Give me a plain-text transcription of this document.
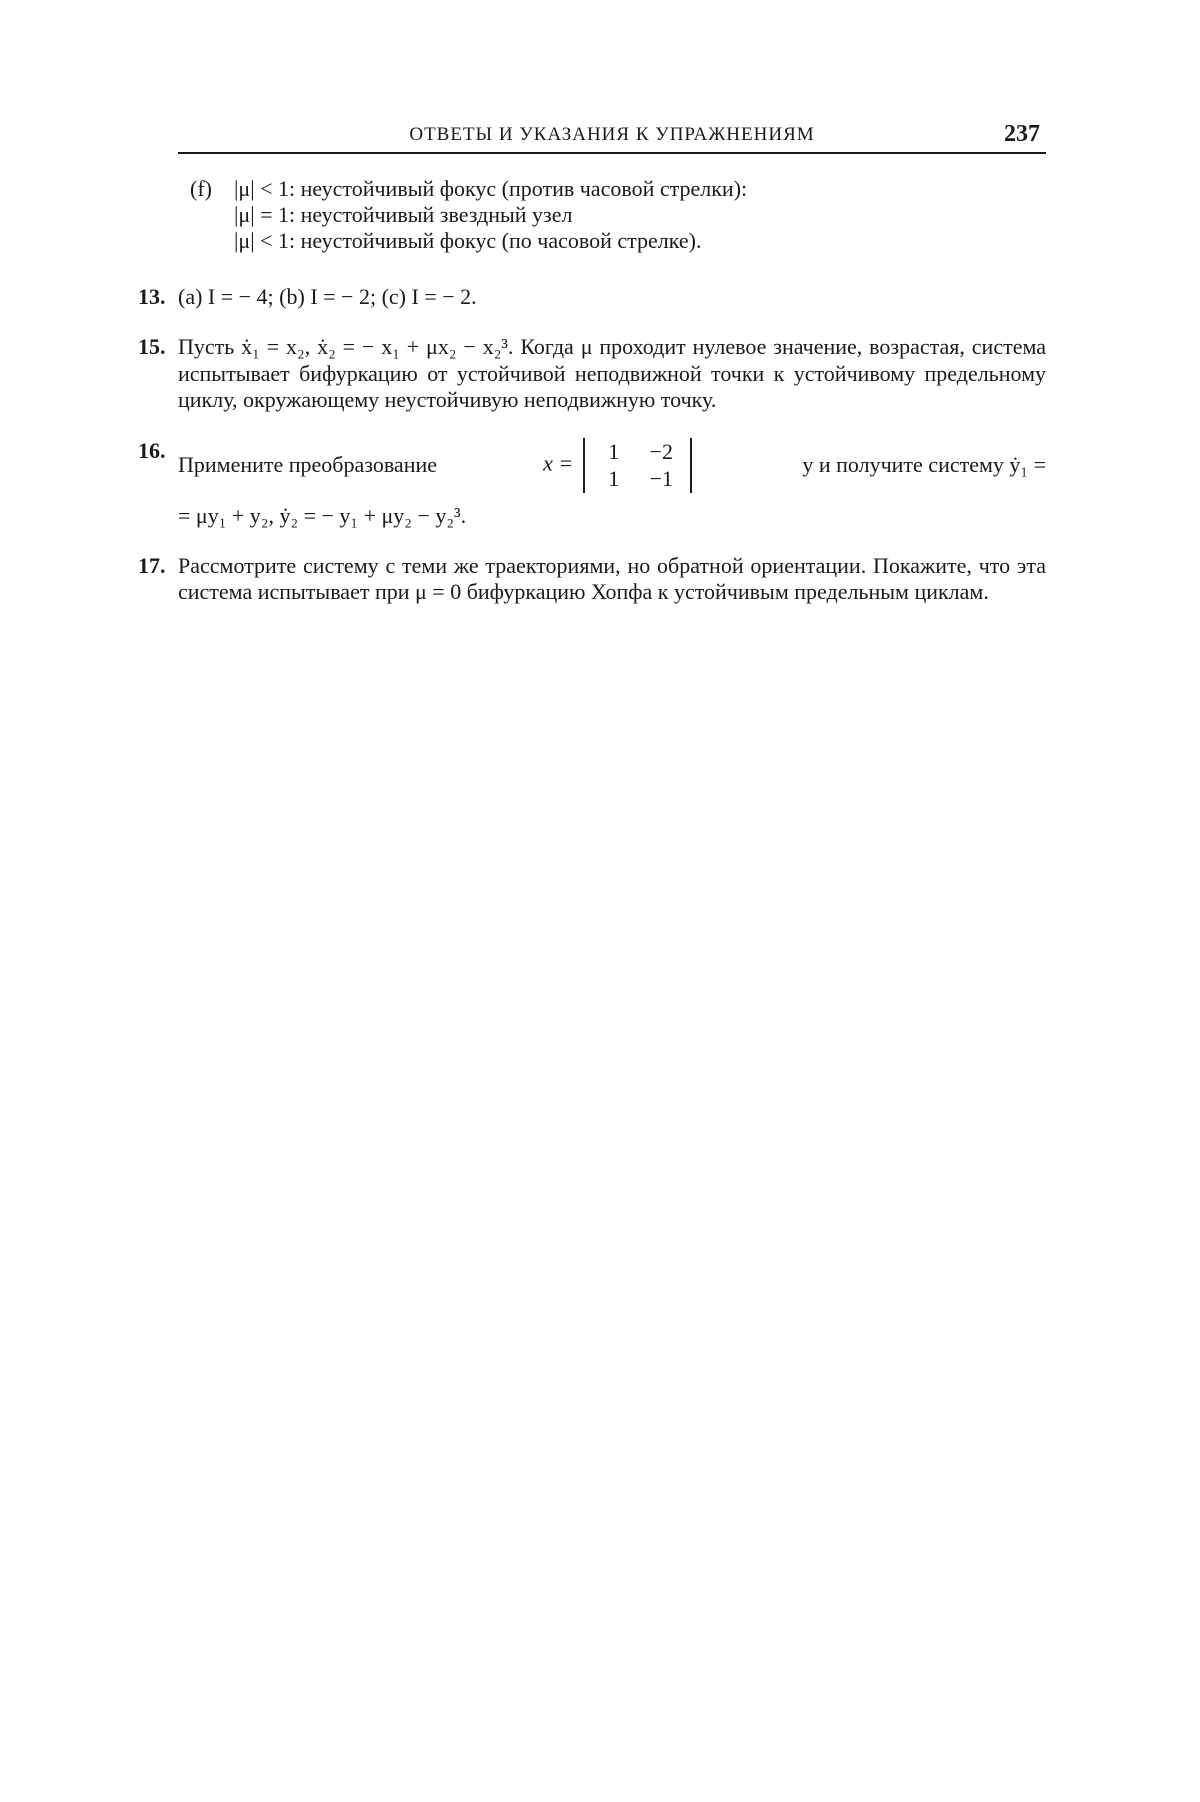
ОТВЕТЫ И УКАЗАНИЯ К УПРАЖНЕНИЯМ	237
(f) |μ| < 1: неустойчивый фокус (против часовой стрелки):
|μ| = 1: неустойчивый звездный узел
|μ| < 1: неустойчивый фокус (по часовой стрелке).
13. (a) I = − 4; (b) I = − 2; (c) I = − 2.
15. Пусть ẋ₁ = x₂, ẋ₂ = − x₁ + μx₂ − x₂³. Когда μ проходит нулевое значение, возрастая, система испытывает бифуркацию от устойчивой неподвижной точки к устойчивому предельному циклу, окружающему неустойчивую неподвижную точку.
16.
Примените преобразование	x =	1 −2
1 −1
y и получите систему ẏ₁ =
= μy₁ + y₂, ẏ₂ = − y₁ + μy₂ − y₂³.
17. Рассмотрите систему с теми же траекториями, но обратной ориентации. Покажите, что эта система испытывает при μ = 0 бифуркацию Хопфа к устойчивым предельным циклам.
